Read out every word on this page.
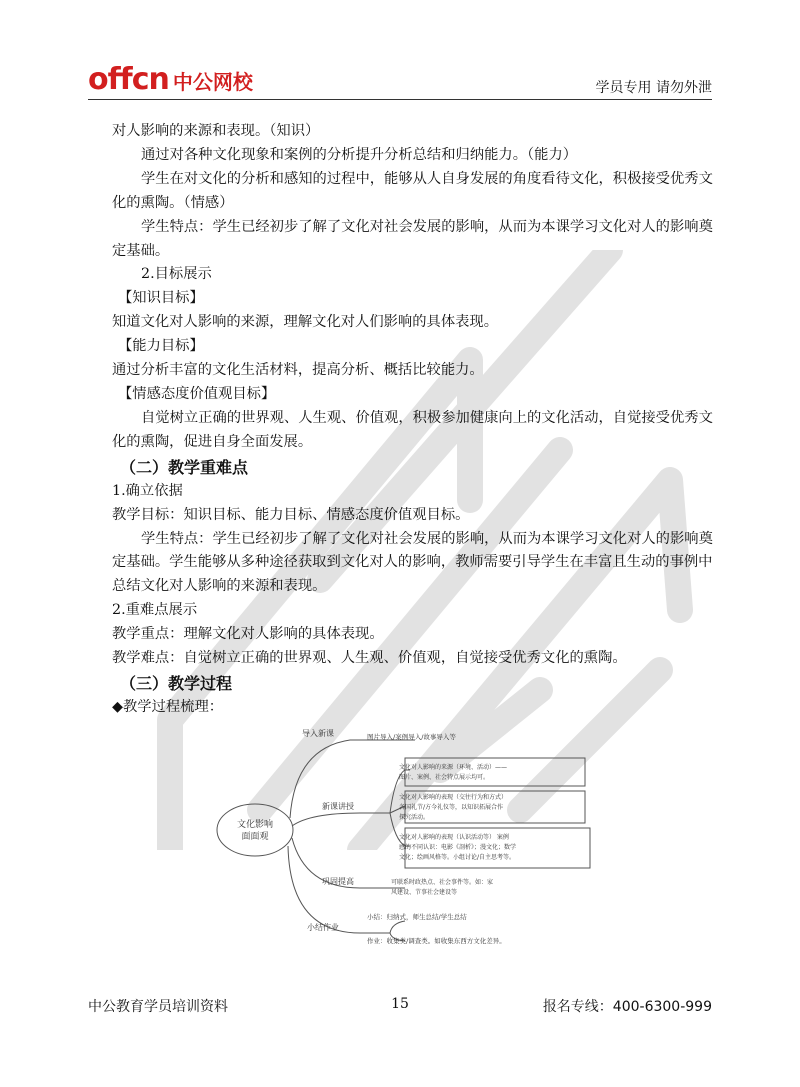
offcn 中公网校	学员专用 请勿外泄

对人影响的来源和表现。（知识）

通过对各种文化现象和案例的分析提升分析总结和归纳能力。（能力）

学生在对文化的分析和感知的过程中，能够从人自身发展的角度看待文化，积极接受优秀文化的熏陶。（情感）

学生特点：学生已经初步了解了文化对社会发展的影响，从而为本课学习文化对人的影响奠定基础。

2.目标展示

【知识目标】

知道文化对人影响的来源，理解文化对人们影响的具体表现。

【能力目标】

通过分析丰富的文化生活材料，提高分析、概括比较能力。

【情感态度价值观目标】

自觉树立正确的世界观、人生观、价值观，积极参加健康向上的文化活动，自觉接受优秀文化的熏陶，促进自身全面发展。

（二）教学重难点

1.确立依据

教学目标：知识目标、能力目标、情感态度价值观目标。

学生特点：学生已经初步了解了文化对社会发展的影响，从而为本课学习文化对人的影响奠定基础。学生能够从多种途径获取到文化对人的影响，教师需要引导学生在丰富且生动的事例中总结文化对人影响的来源和表现。

2.重难点展示

教学重点：理解文化对人影响的具体表现。

教学难点：自觉树立正确的世界观、人生观、价值观，自觉接受优秀文化的熏陶。

（三）教学过程

◆教学过程梳理：

文化影响
面面观
导入新课	图片导入/案例导入/故事导入等
新课讲授
文化对人影响的来源（环境、活动）——
图片、案例、社会特点展示均可。
文化对人影响的表现（交往行为和方式）
各国礼节/方今礼仪等，以知识拓展合作
探究活动。
文化对人影响的表现（认识活动等） 案例
感的不同认识：电影《剖析》；漫文化；数学
文化；绘画风格等。小组讨论/自主思考等。
巩固提高	可联系时政热点、社会事件等。如：家
风建设、节事社会建设等
小结作业
小结：归纳式，师生总结/学生总结
作业：收集类/调查类。如收集东西方文化差异。
中公教育学员培训资料	15	报名专线：400-6300-999
